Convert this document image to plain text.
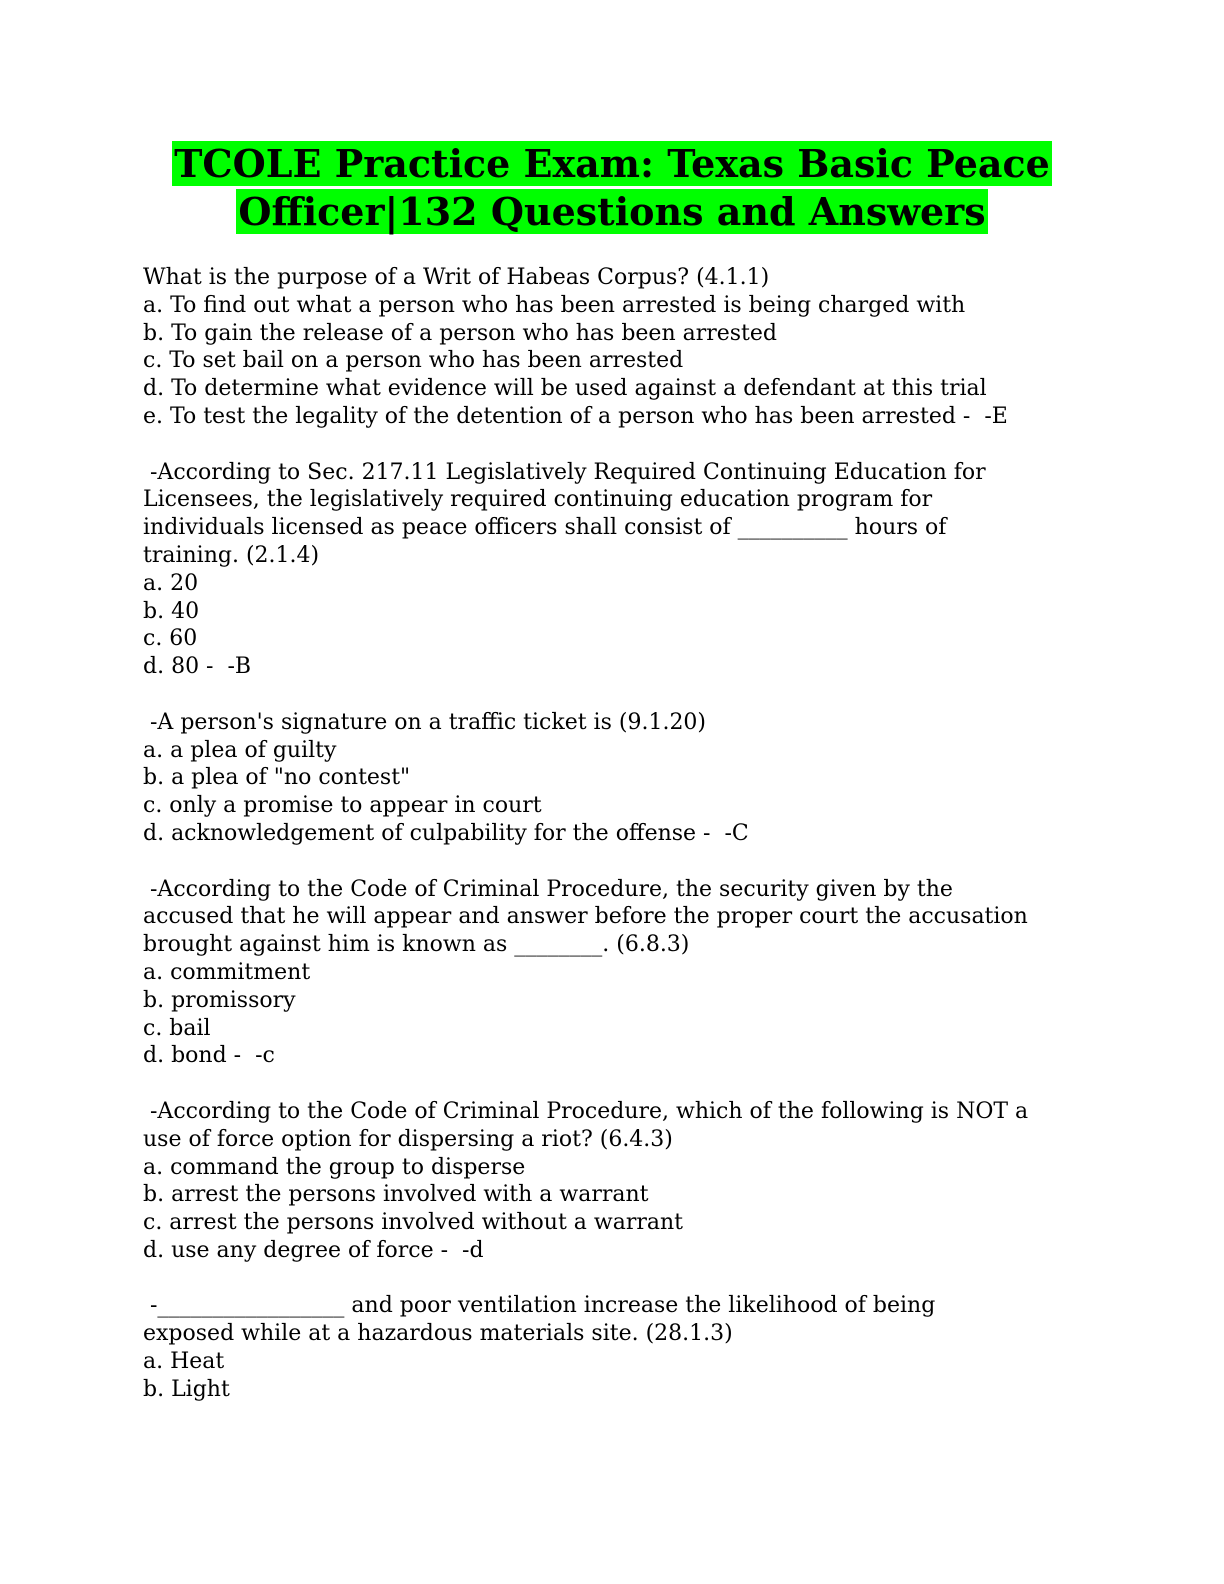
TCOLE Practice Exam: Texas Basic Peace
Officer|132 Questions and Answers
What is the purpose of a Writ of Habeas Corpus? (4.1.1)
a. To find out what a person who has been arrested is being charged with
b. To gain the release of a person who has been arrested
c. To set bail on a person who has been arrested
d. To determine what evidence will be used against a defendant at this trial
e. To test the legality of the detention of a person who has been arrested -  -E
-According to Sec. 217.11 Legislatively Required Continuing Education for
Licensees, the legislatively required continuing education program for
individuals licensed as peace officers shall consist of __________ hours of
training. (2.1.4)
a. 20
b. 40
c. 60
d. 80 -  -B
-A person's signature on a traffic ticket is (9.1.20)
a. a plea of guilty
b. a plea of "no contest"
c. only a promise to appear in court
d. acknowledgement of culpability for the offense -  -C
-According to the Code of Criminal Procedure, the security given by the
accused that he will appear and answer before the proper court the accusation
brought against him is known as ________. (6.8.3)
a. commitment
b. promissory
c. bail
d. bond -  -c
-According to the Code of Criminal Procedure, which of the following is NOT a
use of force option for dispersing a riot? (6.4.3)
a. command the group to disperse
b. arrest the persons involved with a warrant
c. arrest the persons involved without a warrant
d. use any degree of force -  -d
-_________________ and poor ventilation increase the likelihood of being
exposed while at a hazardous materials site. (28.1.3)
a. Heat
b. Light
